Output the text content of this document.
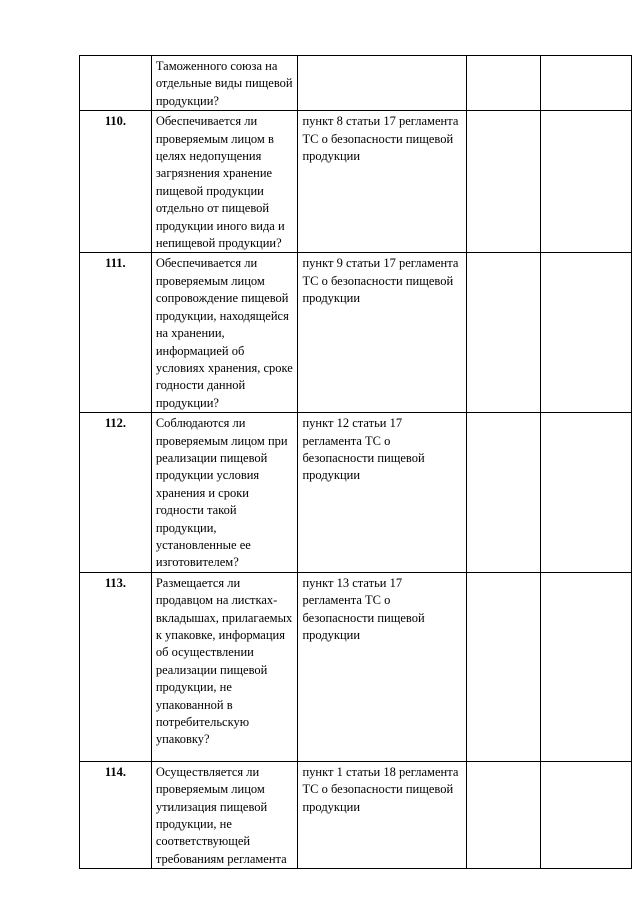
	Таможенного союза на отдельные виды пищевой продукции?			
110.	Обеспечивается ли проверяемым лицом в целях недопущения загрязнения хранение пищевой продукции отдельно от пищевой продукции иного вида и непищевой продукции?	пункт 8 статьи 17 регламента ТС о безопасности пищевой продукции		
111.	Обеспечивается ли проверяемым лицом сопровождение пищевой продукции, находящейся на хранении, информацией об условиях хранения, сроке годности данной продукции?	пункт 9 статьи 17 регламента ТС о безопасности пищевой продукции		
112.	Соблюдаются ли проверяемым лицом при реализации пищевой продукции условия хранения и сроки годности такой продукции, установленные ее изготовителем?	пункт 12 статьи 17 регламента ТС о безопасности пищевой продукции		
113.	Размещается ли продавцом на листках-вкладышах, прилагаемых к упаковке, информация об осуществлении реализации пищевой продукции, не упакованной в потребительскую упаковку?	пункт 13 статьи 17 регламента ТС о безопасности пищевой продукции		
114.	Осуществляется ли проверяемым лицом утилизация пищевой продукции, не соответствующей требованиям регламента	пункт 1 статьи 18 регламента ТС о безопасности пищевой продукции		
